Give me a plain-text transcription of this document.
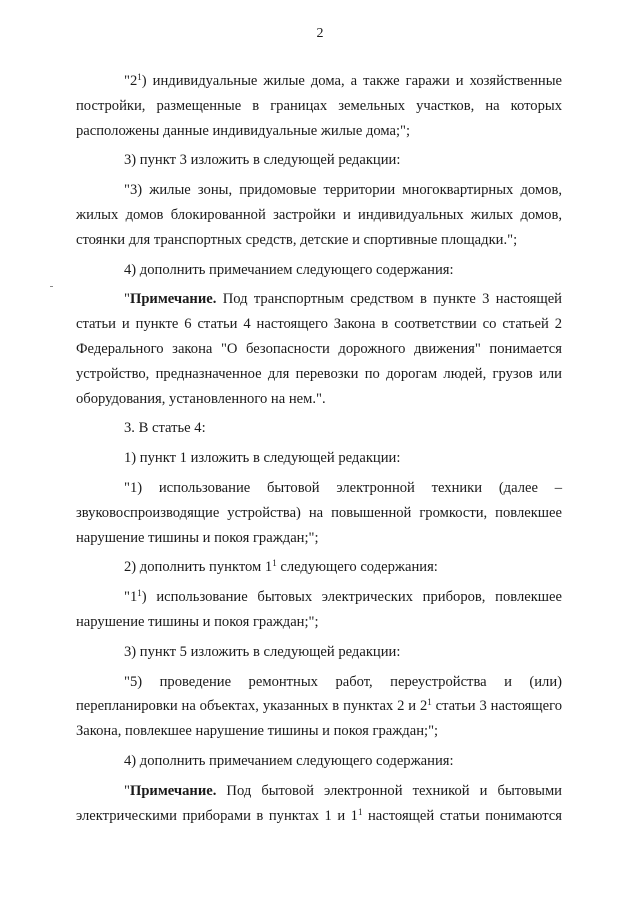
2

"$2^1$) индивидуальные жилые дома, а также гаражи и хозяйственные постройки, размещенные в границах земельных участков, на которых расположены данные индивидуальные жилые дома;";

3) пункт 3 изложить в следующей редакции:

"3) жилые зоны, придомовые территории многоквартирных домов, жилых домов блокированной застройки и индивидуальных жилых домов, стоянки для транспортных средств, детские и спортивные площадки.";

4) дополнить примечанием следующего содержания:

"Примечание. Под транспортным средством в пункте 3 настоящей статьи и пункте 6 статьи 4 настоящего Закона в соответствии со статьей 2 Федерального закона "О безопасности дорожного движения" понимается устройство, предназначенное для перевозки по дорогам людей, грузов или оборудования, установленного на нем.".

3. В статье 4:

1) пункт 1 изложить в следующей редакции:

"1) использование бытовой электронной техники (далее – звуковоспроизводящие устройства) на повышенной громкости, повлекшее нарушение тишины и покоя граждан;";

2) дополнить пунктом $1^1$ следующего содержания:

"$1^1$) использование бытовых электрических приборов, повлекшее нарушение тишины и покоя граждан;";

3) пункт 5 изложить в следующей редакции:

"5) проведение ремонтных работ, переустройства и (или) перепланировки на объектах, указанных в пунктах 2 и $2^1$ статьи 3 настоящего Закона, повлекшее нарушение тишины и покоя граждан;";

4) дополнить примечанием следующего содержания:

"Примечание. Под бытовой электронной техникой и бытовыми электрическими приборами в пунктах 1 и $1^1$ настоящей статьи понимаются
